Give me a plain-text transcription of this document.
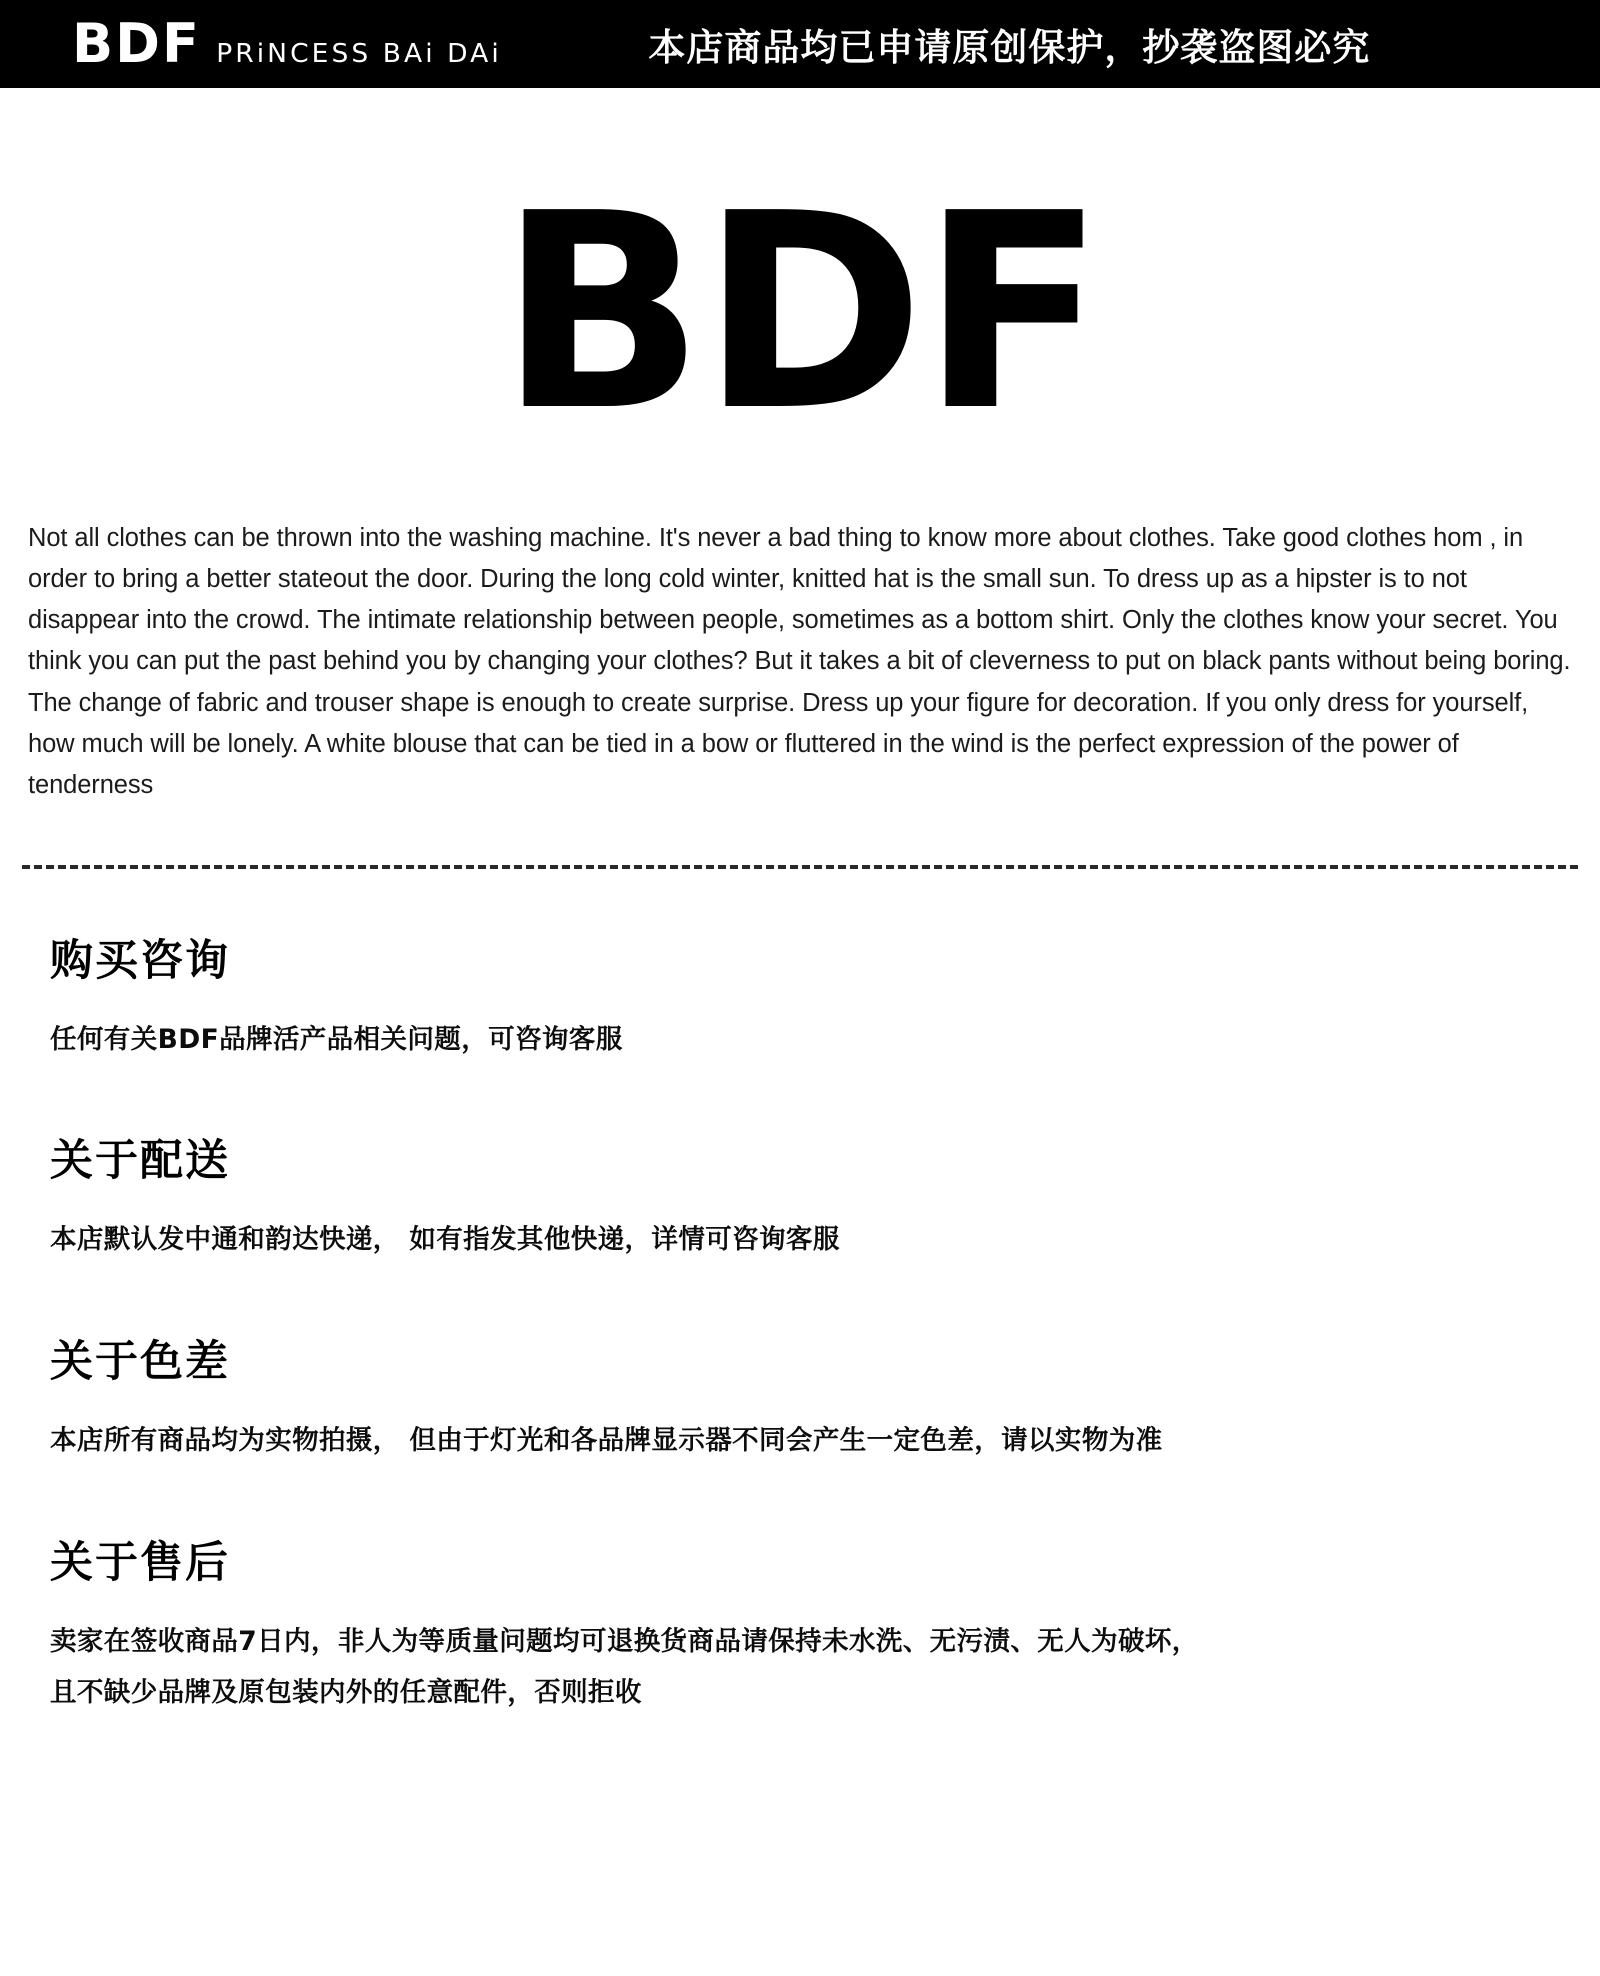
BDF PRiNCESS BAi DAi	本店商品均已申请原创保护，抄袭盗图必究
BDF

Not all clothes can be thrown into the washing machine. It's never a bad thing to know more about clothes. Take good clothes hom , in order to bring a better stateout the door. During the long cold winter, knitted hat is the small sun. To dress up as a hipster is to not disappear into the crowd. The intimate relationship between people, sometimes as a bottom shirt. Only the clothes know your secret. You think you can put the past behind you by changing your clothes? But it takes a bit of cleverness to put on black pants without being boring. The change of fabric and trouser shape is enough to create surprise. Dress up your figure for decoration. If you only dress for yourself, how much will be lonely. A white blouse that can be tied in a bow or fluttered in the wind is the perfect expression of the power of tenderness

购买咨询

任何有关BDF品牌活产品相关问题，可咨询客服

关于配送

本店默认发中通和韵达快递， 如有指发其他快递，详情可咨询客服

关于色差

本店所有商品均为实物拍摄， 但由于灯光和各品牌显示器不同会产生一定色差，请以实物为准

关于售后

卖家在签收商品7日内，非人为等质量问题均可退换货商品请保持未水洗、无污渍、无人为破坏，
且不缺少品牌及原包装内外的任意配件，否则拒收
